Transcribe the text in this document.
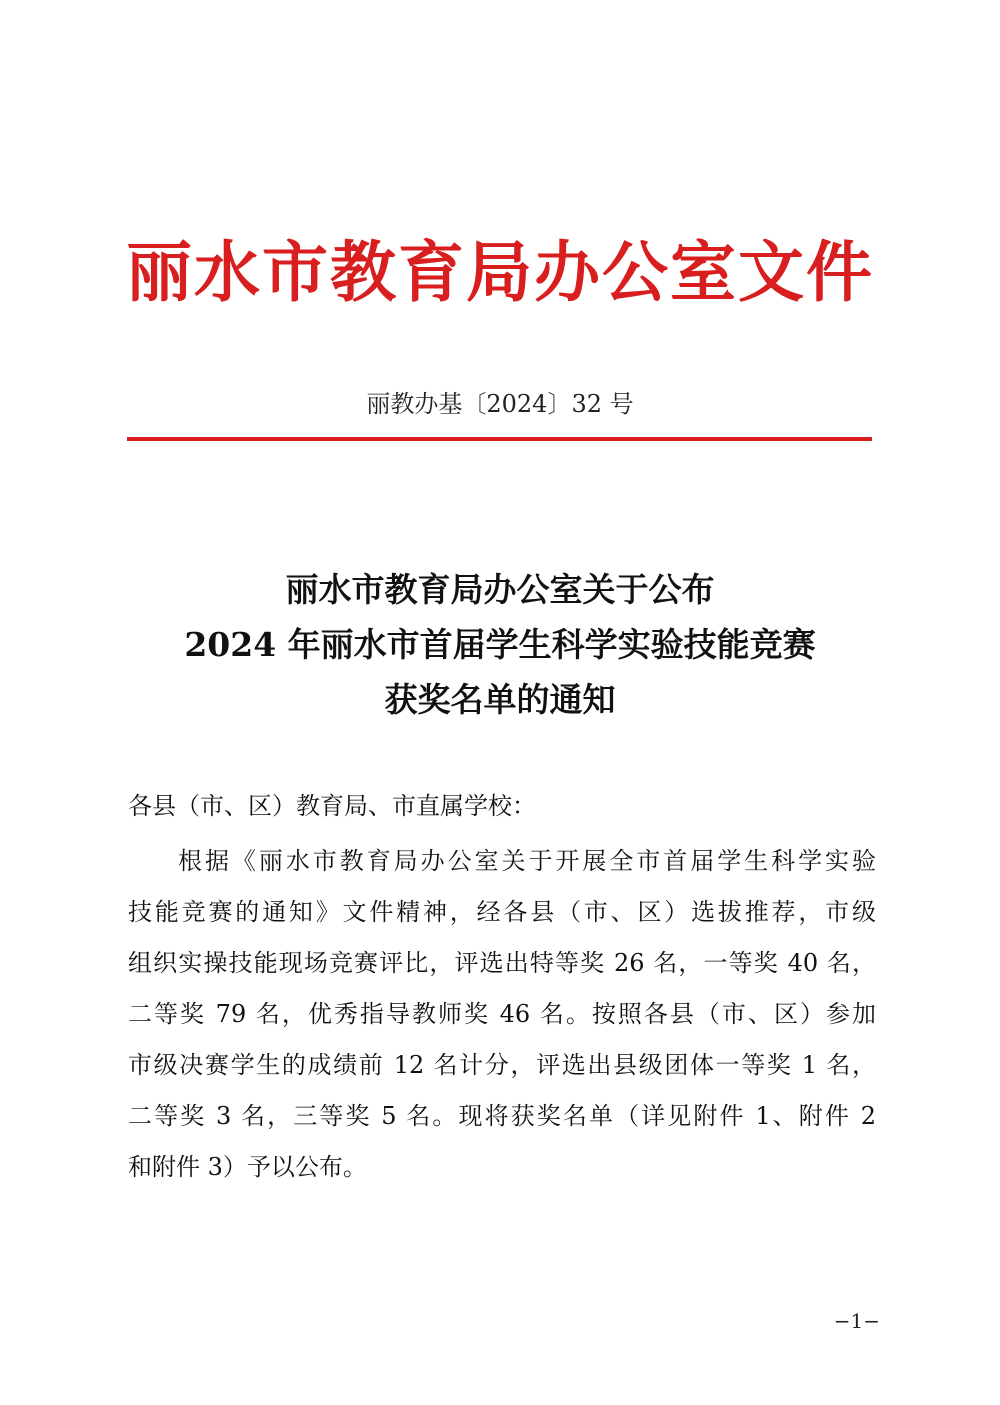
丽水市教育局办公室文件
丽教办基〔2024〕32 号
丽水市教育局办公室关于公布
2024 年丽水市首届学生科学实验技能竞赛
获奖名单的通知
各县（市、区）教育局、市直属学校：
根据《丽水市教育局办公室关于开展全市首届学生科学实验
技能竞赛的通知》文件精神，经各县（市、区）选拔推荐，市级
组织实操技能现场竞赛评比，评选出特等奖 26 名，一等奖 40 名，
二等奖 79 名，优秀指导教师奖 46 名。按照各县（市、区）参加
市级决赛学生的成绩前 12 名计分，评选出县级团体一等奖 1 名，
二等奖 3 名，三等奖 5 名。现将获奖名单（详见附件 1、附件 2
和附件 3）予以公布。
−1−
